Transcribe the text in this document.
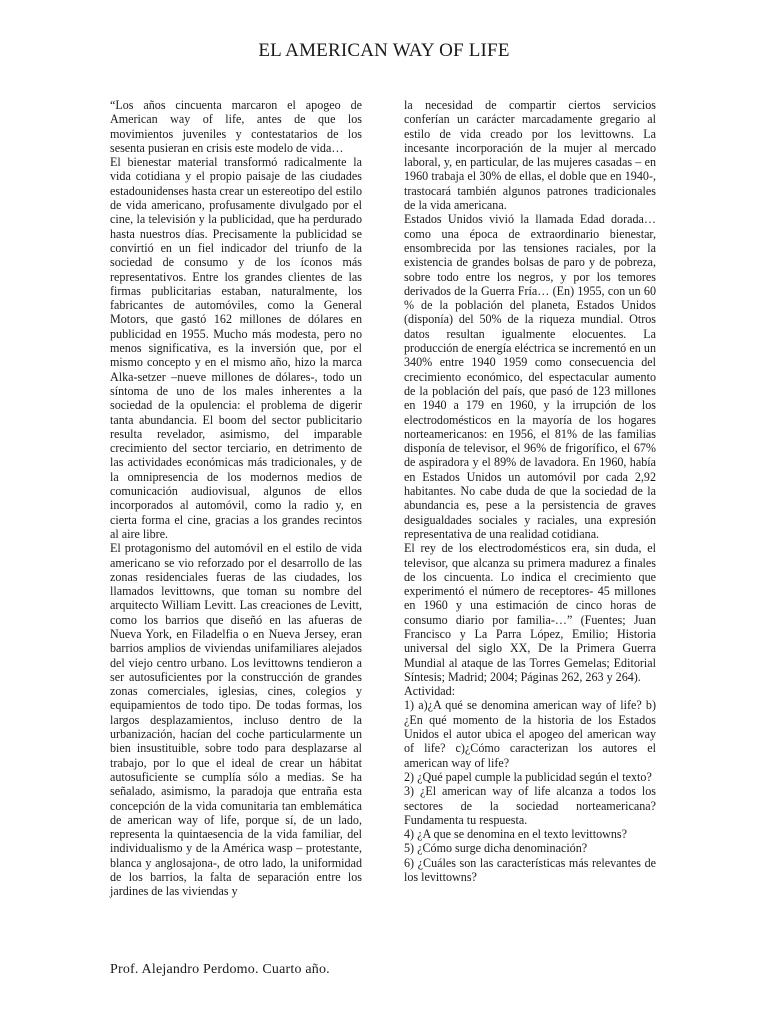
EL AMERICAN WAY OF LIFE

“Los años cincuenta marcaron el apogeo de American way of life, antes de que los movimientos juveniles y contestatarios de los sesenta pusieran en crisis este modelo de vida…

El bienestar material transformó radicalmente la vida cotidiana y el propio paisaje de las ciudades estadounidenses hasta crear un estereotipo del estilo de vida americano, profusamente divulgado por el cine, la televisión y la publicidad, que ha perdurado hasta nuestros días. Precisamente la publicidad se convirtió en un fiel indicador del triunfo de la sociedad de consumo y de los íconos más representativos. Entre los grandes clientes de las firmas publicitarias estaban, naturalmente, los fabricantes de automóviles, como la General Motors, que gastó 162 millones de dólares en publicidad en 1955. Mucho más modesta, pero no menos significativa, es la inversión que, por el mismo concepto y en el mismo año, hizo la marca Alka-setzer –nueve millones de dólares-, todo un síntoma de uno de los males inherentes a la sociedad de la opulencia: el problema de digerir tanta abundancia. El boom del sector publicitario resulta revelador, asimismo, del imparable crecimiento del sector terciario, en detrimento de las actividades económicas más tradicionales, y de la omnipresencia de los modernos medios de comunicación audiovisual, algunos de ellos incorporados al automóvil, como la radio y, en cierta forma el cine, gracias a los grandes recintos al aire libre.

El protagonismo del automóvil en el estilo de vida americano se vio reforzado por el desarrollo de las zonas residenciales fueras de las ciudades, los llamados levittowns, que toman su nombre del arquitecto William Levitt. Las creaciones de Levitt, como los barrios que diseñó en las afueras de Nueva York, en Filadelfia o en Nueva Jersey, eran barrios amplios de viviendas unifamiliares alejados del viejo centro urbano. Los levittowns tendieron a ser autosuficientes por la construcción de grandes zonas comerciales, iglesias, cines, colegios y equipamientos de todo tipo. De todas formas, los largos desplazamientos, incluso dentro de la urbanización, hacían del coche particularmente un bien insustituible, sobre todo para desplazarse al trabajo, por lo que el ideal de crear un hábitat autosuficiente se cumplía sólo a medias. Se ha señalado, asimismo, la paradoja que entraña esta concepción de la vida comunitaria tan emblemática de american way of life, porque sí, de un lado, representa la quintaesencia de la vida familiar, del individualismo y de la América wasp – protestante, blanca y anglosajona-, de otro lado, la uniformidad de los barrios, la falta de separación entre los jardines de las viviendas y

la necesidad de compartir ciertos servicios conferían un carácter marcadamente gregario al estilo de vida creado por los levittowns. La incesante incorporación de la mujer al mercado laboral, y, en particular, de las mujeres casadas – en 1960 trabaja el 30% de ellas, el doble que en 1940-, trastocará también algunos patrones tradicionales de la vida americana.

Estados Unidos vivió la llamada Edad dorada… como una época de extraordinario bienestar, ensombrecida por las tensiones raciales, por la existencia de grandes bolsas de paro y de pobreza, sobre todo entre los negros, y por los temores derivados de la Guerra Fría… (En) 1955, con un 60 % de la población del planeta, Estados Unidos (disponía) del 50% de la riqueza mundial. Otros datos resultan igualmente elocuentes. La producción de energía eléctrica se incrementó en un 340% entre 1940 1959 como consecuencia del crecimiento económico, del espectacular aumento de la población del país, que pasó de 123 millones en 1940 a 179 en 1960, y la irrupción de los electrodomésticos en la mayoría de los hogares norteamericanos: en 1956, el 81% de las familias disponía de televisor, el 96% de frigorífico, el 67% de aspiradora y el 89% de lavadora. En 1960, había en Estados Unidos un automóvil por cada 2,92 habitantes. No cabe duda de que la sociedad de la abundancia es, pese a la persistencia de graves desigualdades sociales y raciales, una expresión representativa de una realidad cotidiana.

El rey de los electrodomésticos era, sin duda, el televisor, que alcanza su primera madurez a finales de los cincuenta. Lo indica el crecimiento que experimentó el número de receptores- 45 millones en 1960 y una estimación de cinco horas de consumo diario por familia-…” (Fuentes; Juan Francisco y La Parra López, Emilio; Historia universal del siglo XX, De la Primera Guerra Mundial al ataque de las Torres Gemelas; Editorial Síntesis; Madrid; 2004; Páginas 262, 263 y 264).

Actividad:

1) a)¿A qué se denomina american way of life? b)¿En qué momento de la historia de los Estados Unidos el autor ubica el apogeo del american way of life? c)¿Cómo caracterizan los autores el american way of life?

2) ¿Qué papel cumple la publicidad según el texto?

3) ¿El american way of life alcanza a todos los sectores de la sociedad norteamericana? Fundamenta tu respuesta.

4) ¿A que se denomina en el texto levittowns?

5) ¿Cómo surge dicha denominación?

6) ¿Cuáles son las características más relevantes de los levittowns?

Prof. Alejandro Perdomo. Cuarto año.
